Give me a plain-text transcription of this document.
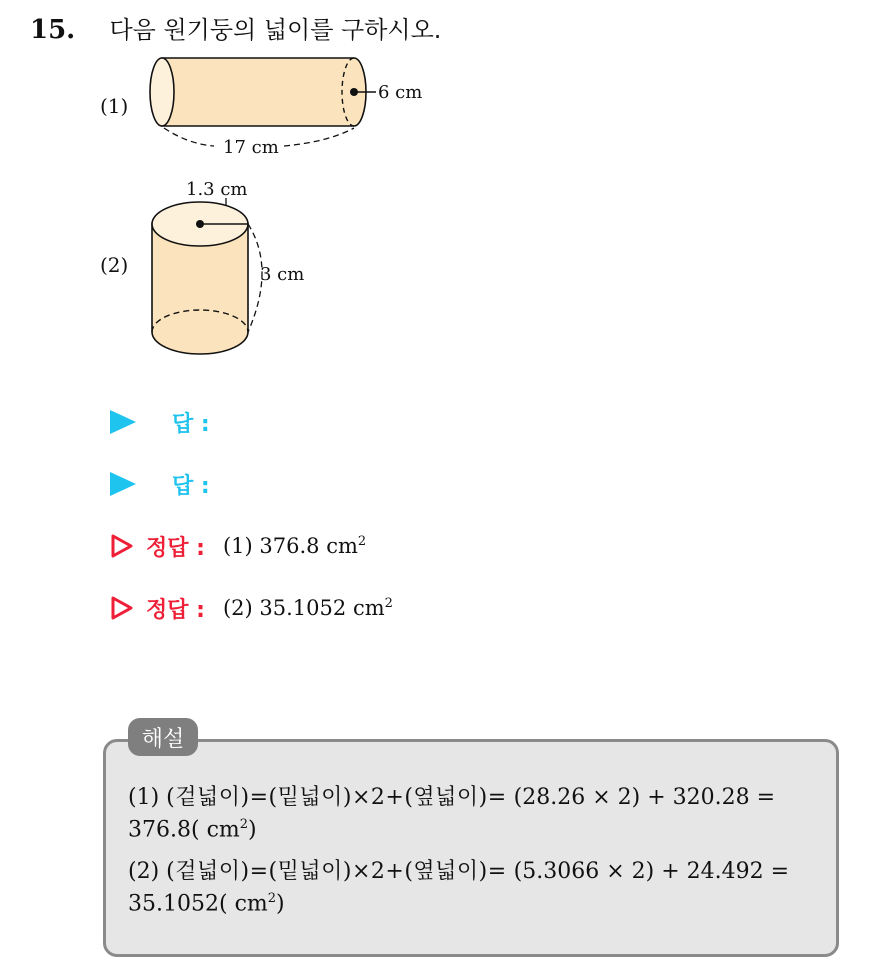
15. 다음 원기둥의 넓이를 구하시오.
(1)
6 cm
17 cm
(2)
1.3 cm
3 cm
답 :
답 :
정답 : (1) 376.8 $cm^2$
정답 : (2) 35.1052 $cm^2$
해설
(1) (겉넓이)=(밑넓이)×2+(옆넓이)= (28.26 × 2) + 320.28 =
376.8( $cm^2$)
(2) (겉넓이)=(밑넓이)×2+(옆넓이)= (5.3066 × 2) + 24.492 =
35.1052( $cm^2$)
